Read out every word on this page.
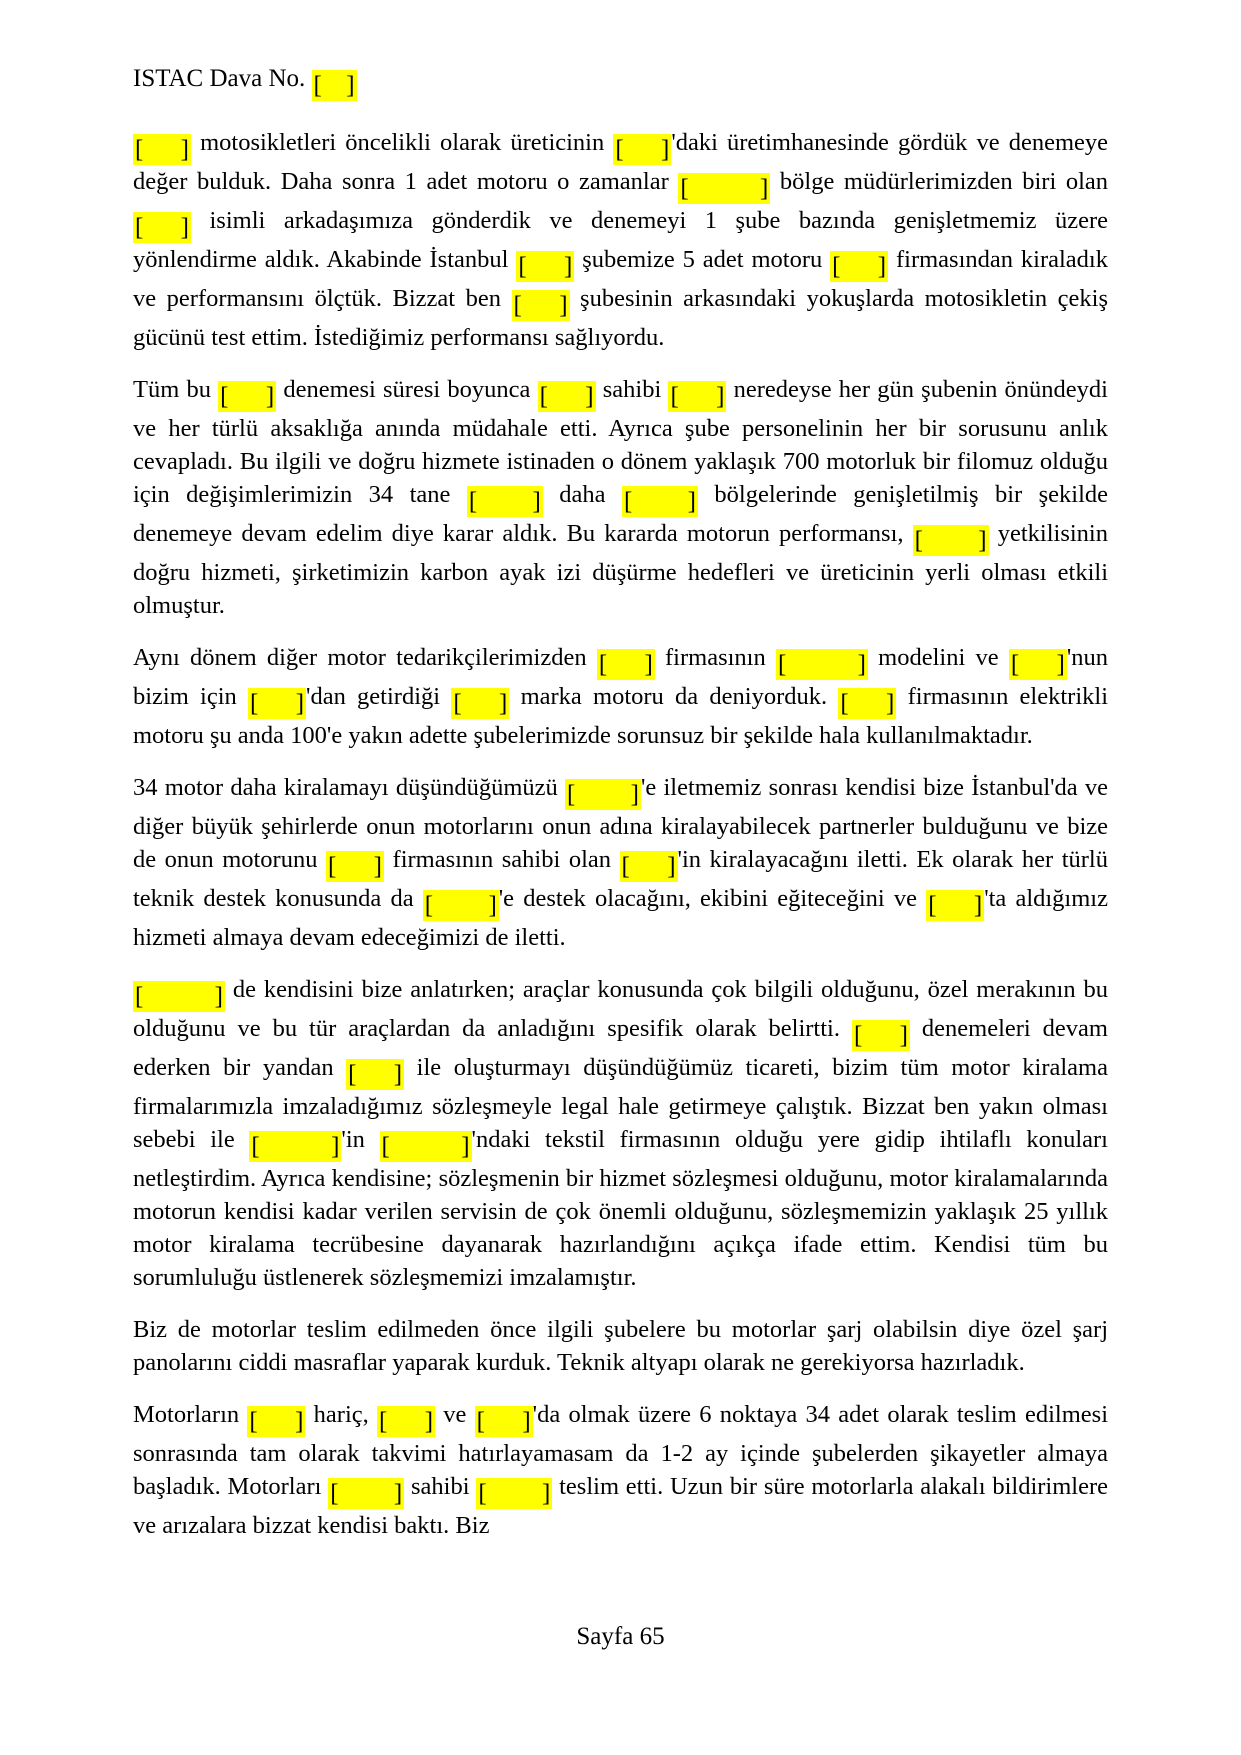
ISTAC Dava No. [ ]

[ ] motosikletleri öncelikli olarak üreticinin [ ] 'daki üretimhanesinde gördük ve denemeye değer bulduk. Daha sonra 1 adet motoru o zamanlar [	] bölge müdürlerimizden biri olan
[ ] isimli arkadaşımıza gönderdik ve denemeyi 1 şube bazında genişletmemiz üzere yönlendirme aldık. Akabinde İstanbul [ ] şubemize 5 adet motoru [ ] firmasından kiraladık ve performansını ölçtük. Bizzat ben [ ] şubesinin arkasındaki yokuşlarda motosikletin çekiş gücünü test ettim. İstediğimiz performansı sağlıyordu.

Tüm bu [ ] denemesi süresi boyunca [ ] sahibi [ ] neredeyse her gün şubenin önündeydi ve her türlü aksaklığa anında müdahale etti. Ayrıca şube personelinin her bir sorusunu anlık cevapladı. Bu ilgili ve doğru hizmete istinaden o dönem yaklaşık 700 motorluk bir filomuz olduğu için değişimlerimizin 34 tane [ ] daha [ ] bölgelerinde genişletilmiş bir şekilde denemeye devam edelim diye karar aldık. Bu kararda motorun performansı, [ ] yetkilisinin doğru hizmeti, şirketimizin karbon ayak izi düşürme hedefleri ve üreticinin yerli olması etkili olmuştur.

Aynı dönem diğer motor tedarikçilerimizden [ ] firmasının [	] modelini ve [ ] 'nun bizim için [ ] 'dan getirdiği [ ] marka motoru da deniyorduk. [ ] firmasının elektrikli motoru şu anda 100'e yakın adette şubelerimizde sorunsuz bir şekilde hala kullanılmaktadır.

34 motor daha kiralamayı düşündüğümüzü [ ] 'e iletmemiz sonrası kendisi bize İstanbul'da ve diğer büyük şehirlerde onun motorlarını onun adına kiralayabilecek partnerler bulduğunu ve bize de onun motorunu [ ] firmasının sahibi olan [ ] 'in kiralayacağını iletti. Ek olarak her türlü teknik destek konusunda da [ ] 'e destek olacağını, ekibini eğiteceğini ve [ ] 'ta aldığımız hizmeti almaya devam edeceğimizi de iletti.

[	] de kendisini bize anlatırken; araçlar konusunda çok bilgili olduğunu, özel merakının bu olduğunu ve bu tür araçlardan da anladığını spesifik olarak belirtti. [ ] denemeleri devam ederken bir yandan [ ] ile oluşturmayı düşündüğümüz ticareti, bizim tüm motor kiralama firmalarımızla imzaladığımız sözleşmeyle legal hale getirmeye çalıştık. Bizzat ben yakın olması sebebi ile [	] 'in [	] 'ndaki tekstil firmasının olduğu yere gidip ihtilaflı konuları netleştirdim. Ayrıca kendisine; sözleşmenin bir hizmet sözleşmesi olduğunu, motor kiralamalarında motorun kendisi kadar verilen servisin de çok önemli olduğunu, sözleşmemizin yaklaşık 25 yıllık motor kiralama tecrübesine dayanarak hazırlandığını açıkça ifade ettim. Kendisi tüm bu sorumluluğu üstlenerek sözleşmemizi imzalamıştır.

Biz de motorlar teslim edilmeden önce ilgili şubelere bu motorlar şarj olabilsin diye özel şarj panolarını ciddi masraflar yaparak kurduk. Teknik altyapı olarak ne gerekiyorsa hazırladık.

Motorların [ ] hariç, [ ] ve [ ] 'da olmak üzere 6 noktaya 34 adet olarak teslim edilmesi sonrasında tam olarak takvimi hatırlayamasam da 1-2 ay içinde şubelerden şikayetler almaya başladık. Motorları [ ] sahibi [ ] teslim etti. Uzun bir süre motorlarla alakalı bildirimlere ve arızalara bizzat kendisi baktı. Biz

Sayfa 65
